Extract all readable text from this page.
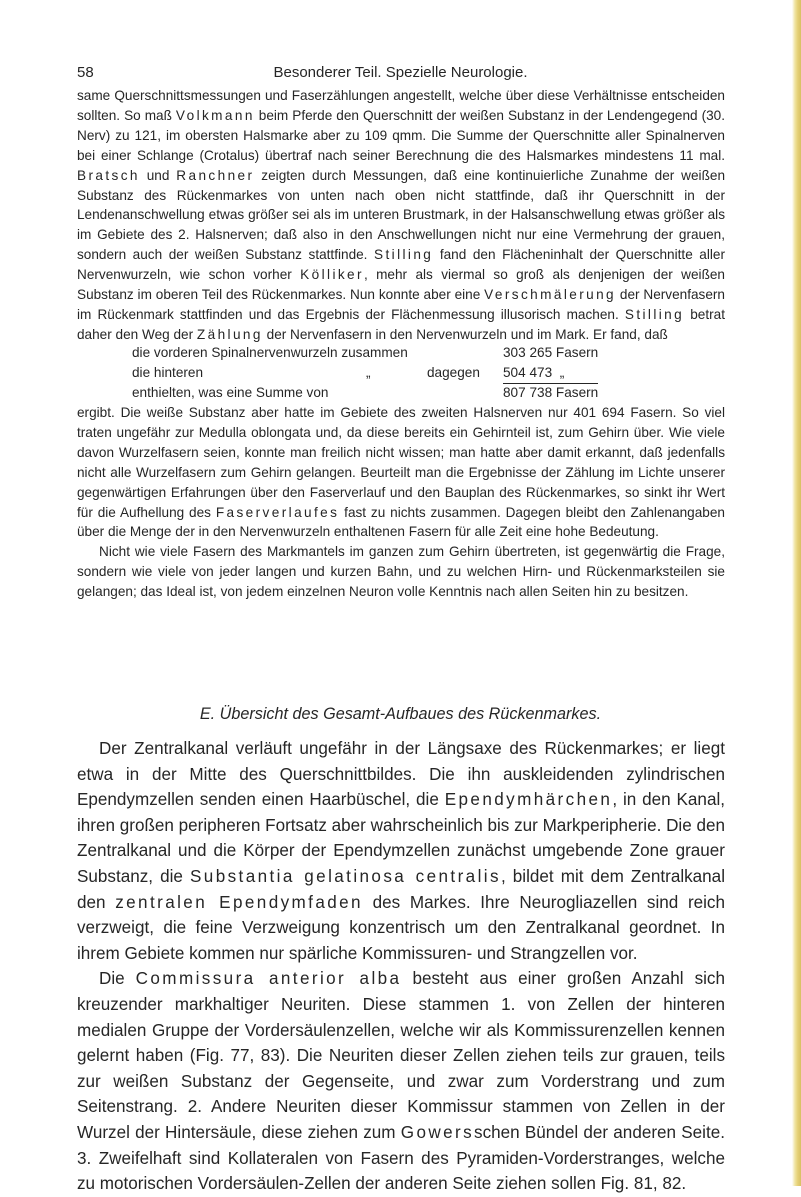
Besonderer Teil. Spezielle Neurologie.
58

same Querschnittsmessungen und Faserzählungen angestellt, welche über diese Verhältnisse entscheiden sollten. So maß Volkmann beim Pferde den Querschnitt der weißen Substanz in der Lendengegend (30. Nerv) zu 121, im obersten Halsmarke aber zu 109 qmm. Die Summe der Querschnitte aller Spinalnerven bei einer Schlange (Crotalus) übertraf nach seiner Berechnung die des Halsmarkes mindestens 11 mal. Bratsch und Ranchner zeigten durch Messungen, daß eine kontinuierliche Zunahme der weißen Substanz des Rückenmarkes von unten nach oben nicht stattfinde, daß ihr Querschnitt in der Lendenanschwellung etwas größer sei als im unteren Brustmark, in der Halsanschwellung etwas größer als im Gebiete des 2. Halsnerven; daß also in den Anschwellungen nicht nur eine Vermehrung der grauen, sondern auch der weißen Substanz stattfinde. Stilling fand den Flächeninhalt der Querschnitte aller Nervenwurzeln, wie schon vorher Kölliker, mehr als viermal so groß als denjenigen der weißen Substanz im oberen Teil des Rückenmarkes. Nun konnte aber eine Verschmälerung der Nervenfasern im Rückenmark stattfinden und das Ergebnis der Flächenmessung illusorisch machen. Stilling betrat daher den Weg der Zählung der Nervenfasern in den Nervenwurzeln und im Mark. Er fand, daß

die vorderen Spinalnervenwurzeln zusammen	303 265 Fasern
die hinteren	„	dagegen 504 473 „
enthielten, was eine Summe von	807 738 Fasern

ergibt. Die weiße Substanz aber hatte im Gebiete des zweiten Halsnerven nur 401 694 Fasern. So viel traten ungefähr zur Medulla oblongata und, da diese bereits ein Gehirnteil ist, zum Gehirn über. Wie viele davon Wurzelfasern seien, konnte man freilich nicht wissen; man hatte aber damit erkannt, daß jedenfalls nicht alle Wurzelfasern zum Gehirn gelangen. Beurteilt man die Ergebnisse der Zählung im Lichte unserer gegenwärtigen Erfahrungen über den Faserverlauf und den Bauplan des Rückenmarkes, so sinkt ihr Wert für die Aufhellung des Faserverlaufes fast zu nichts zusammen. Dagegen bleibt den Zahlenangaben über die Menge der in den Nervenwurzeln enthaltenen Fasern für alle Zeit eine hohe Bedeutung.

Nicht wie viele Fasern des Markmantels im ganzen zum Gehirn übertreten, ist gegenwärtig die Frage, sondern wie viele von jeder langen und kurzen Bahn, und zu welchen Hirn- und Rückenmarksteilen sie gelangen; das Ideal ist, von jedem einzelnen Neuron volle Kenntnis nach allen Seiten hin zu besitzen.

E. Übersicht des Gesamt-Aufbaues des Rückenmarkes.

Der Zentralkanal verläuft ungefähr in der Längsaxe des Rückenmarkes; er liegt etwa in der Mitte des Querschnittbildes. Die ihn auskleidenden zylindrischen Ependymzellen senden einen Haarbüschel, die Ependymhärchen, in den Kanal, ihren großen peripheren Fortsatz aber wahrscheinlich bis zur Markperipherie. Die den Zentralkanal und die Körper der Ependymzellen zunächst umgebende Zone grauer Substanz, die Substantia gelatinosa centralis, bildet mit dem Zentralkanal den zentralen Ependymfaden des Markes. Ihre Neurogliazellen sind reich verzweigt, die feine Verzweigung konzentrisch um den Zentralkanal geordnet. In ihrem Gebiete kommen nur spärliche Kommissuren- und Strangzellen vor.

Die Commissura anterior alba besteht aus einer großen Anzahl sich kreuzender markhaltiger Neuriten. Diese stammen 1. von Zellen der hinteren medialen Gruppe der Vordersäulenzellen, welche wir als Kommissurenzellen kennen gelernt haben (Fig. 77, 83). Die Neuriten dieser Zellen ziehen teils zur grauen, teils zur weißen Substanz der Gegenseite, und zwar zum Vorderstrang und zum Seitenstrang. 2. Andere Neuriten dieser Kommissur stammen von Zellen in der Wurzel der Hintersäule, diese ziehen zum Gowersschen Bündel der anderen Seite. 3. Zweifelhaft sind Kollateralen von Fasern des Pyramiden-Vorderstranges, welche zu motorischen Vordersäulen-Zellen der anderen Seite ziehen sollen Fig. 81, 82.
